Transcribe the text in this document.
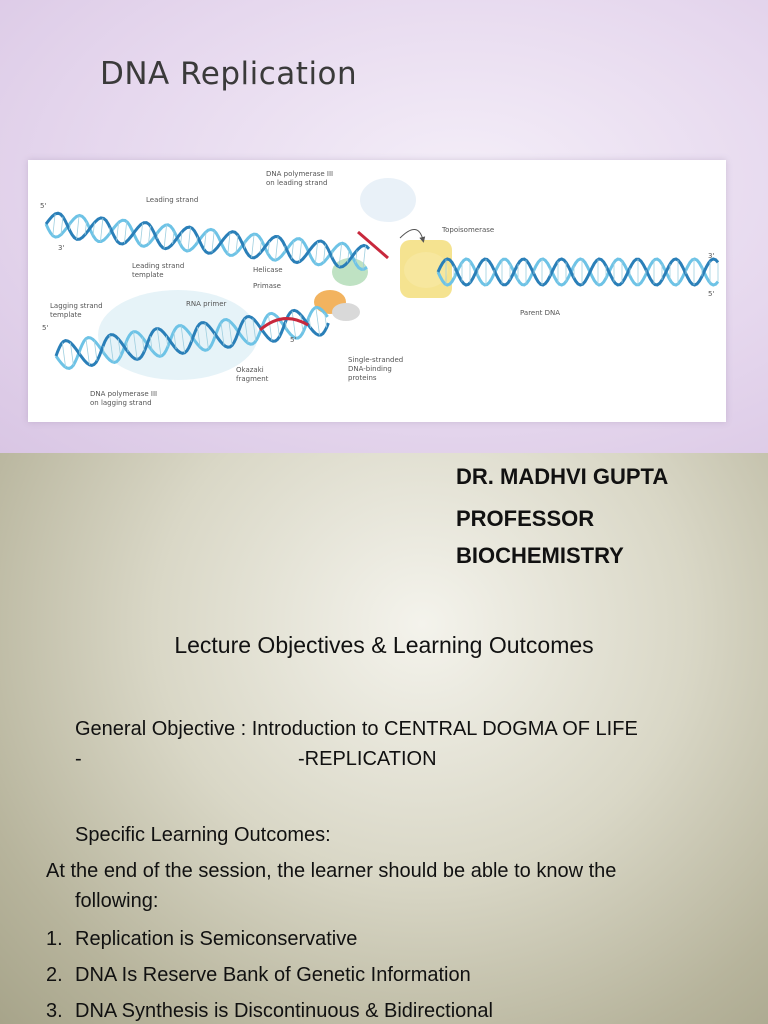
DNA Replication
Leading strand
DNA polymerase III
on leading strand
Topoisomerase
Leading strand
template
Helicase
Primase
RNA primer
Lagging strand
template	Parent DNA
Okazaki
fragment
Single-stranded
DNA-binding
proteins
DNA polymerase III
on lagging strand
5'
3'
3'
5'
5'
5'
DR. MADHVI GUPTA
PROFESSOR
BIOCHEMISTRY
Lecture Objectives & Learning Outcomes
General Objective : Introduction to CENTRAL DOGMA OF LIFE
-	-REPLICATION
Specific Learning Outcomes:
At the end of the session, the learner should be able to know the
following:
1. Replication is Semiconservative
2. DNA Is Reserve Bank of Genetic Information
3. DNA Synthesis is Discontinuous & Bidirectional
